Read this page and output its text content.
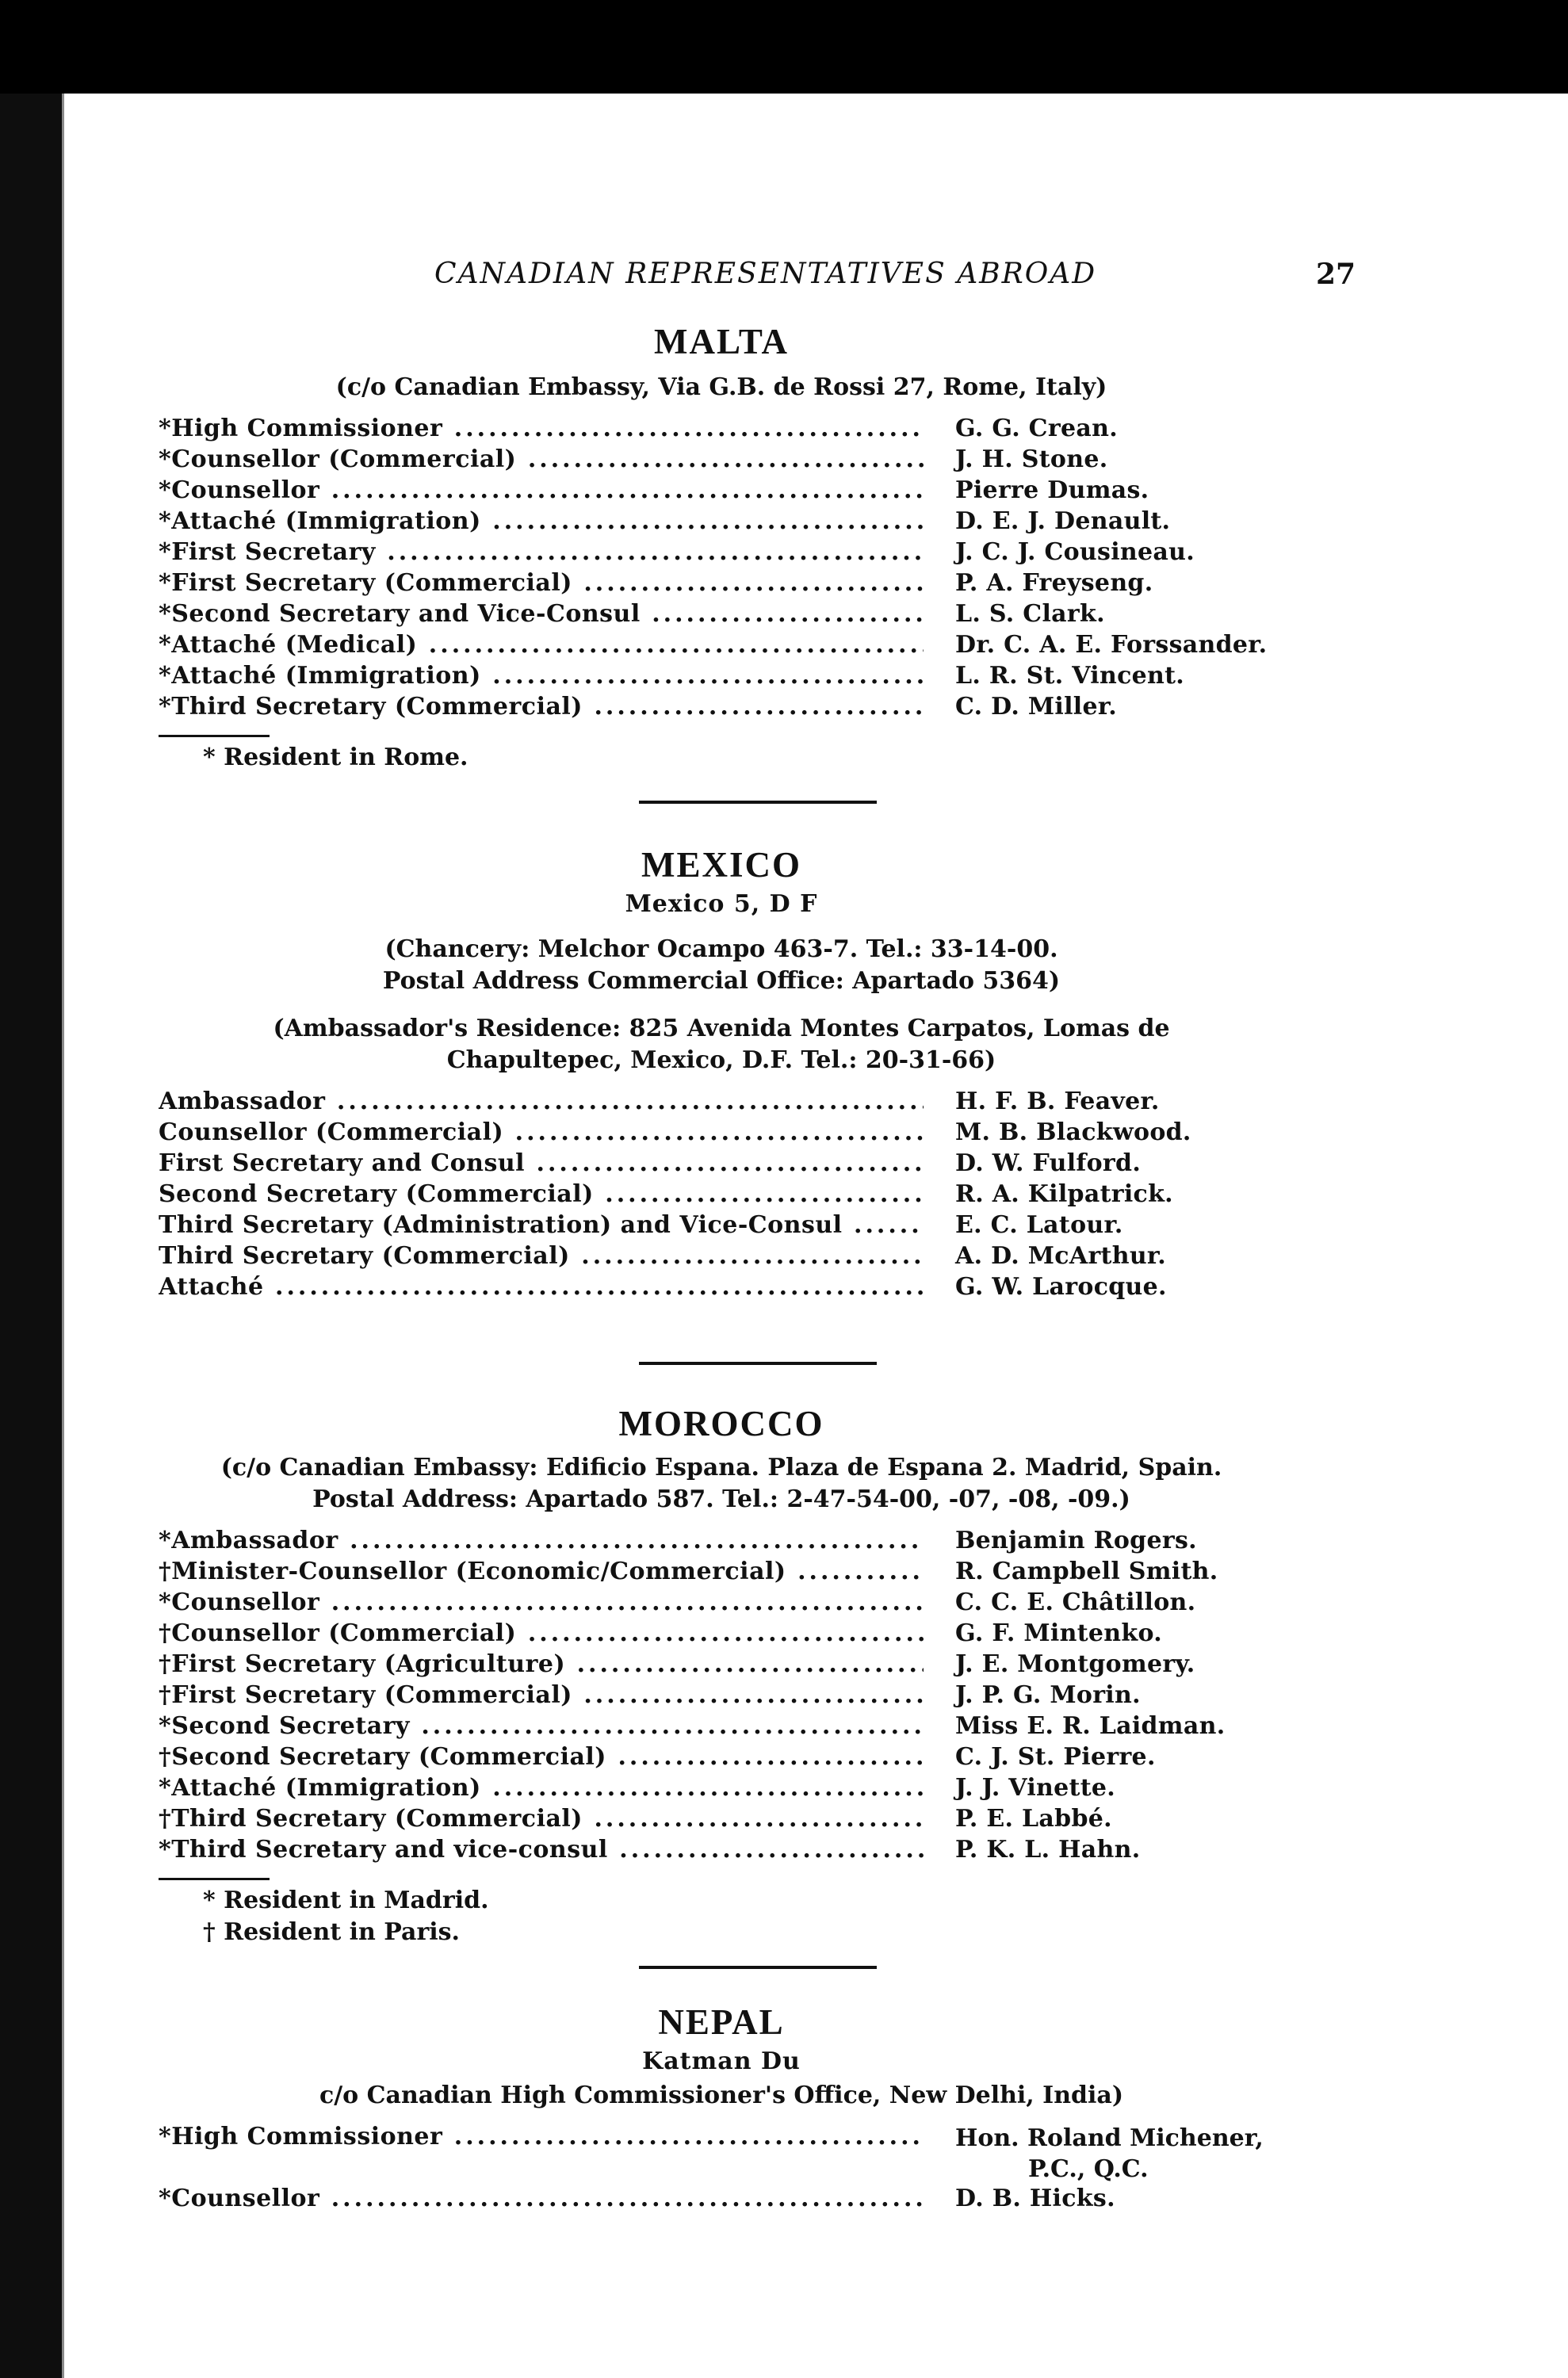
CANADIAN REPRESENTATIVES ABROAD	27
MALTA
(c/o Canadian Embassy, Via G.B. de Rossi 27, Rome, Italy)
*High Commissioner .....	G. G. Crean.
*Counsellor (Commercial) .....	J. H. Stone.
*Counsellor .....	Pierre Dumas.
*Attaché (Immigration) .....	D. E. J. Denault.
*First Secretary .....	J. C. J. Cousineau.
*First Secretary (Commercial) .....	P. A. Freyseng.
*Second Secretary and Vice-Consul .....	L. S. Clark.
*Attaché (Medical) .....	Dr. C. A. E. Forssander.
*Attaché (Immigration) .....	L. R. St. Vincent.
*Third Secretary (Commercial) .....	C. D. Miller.
* Resident in Rome.
MEXICO
Mexico 5, D F
(Chancery: Melchor Ocampo 463-7. Tel.: 33-14-00.
Postal Address Commercial Office: Apartado 5364)
(Ambassador's Residence: 825 Avenida Montes Carpatos, Lomas de
Chapultepec, Mexico, D.F. Tel.: 20-31-66)
Ambassador .....	H. F. B. Feaver.
Counsellor (Commercial) .....	M. B. Blackwood.
First Secretary and Consul .....	D. W. Fulford.
Second Secretary (Commercial) .....	R. A. Kilpatrick.
Third Secretary (Administration) and Vice-Consul .....	E. C. Latour.
Third Secretary (Commercial) .....	A. D. McArthur.
Attaché .....	G. W. Larocque.
MOROCCO
(c/o Canadian Embassy: Edificio Espana. Plaza de Espana 2. Madrid, Spain.
Postal Address: Apartado 587. Tel.: 2-47-54-00, -07, -08, -09.)
*Ambassador .....	Benjamin Rogers.
†Minister-Counsellor (Economic/Commercial) .....	R. Campbell Smith.
*Counsellor .....	C. C. E. Châtillon.
†Counsellor (Commercial) .....	G. F. Mintenko.
†First Secretary (Agriculture) .....	J. E. Montgomery.
†First Secretary (Commercial) .....	J. P. G. Morin.
*Second Secretary .....	Miss E. R. Laidman.
†Second Secretary (Commercial) .....	C. J. St. Pierre.
*Attaché (Immigration) .....	J. J. Vinette.
†Third Secretary (Commercial) .....	P. E. Labbé.
*Third Secretary and vice-consul .....	P. K. L. Hahn.
* Resident in Madrid.
† Resident in Paris.
NEPAL
Katman Du
c/o Canadian High Commissioner's Office, New Delhi, India)
*High Commissioner .....	Hon. Roland Michener,
P.C., Q.C.
*Counsellor .....	D. B. Hicks.
